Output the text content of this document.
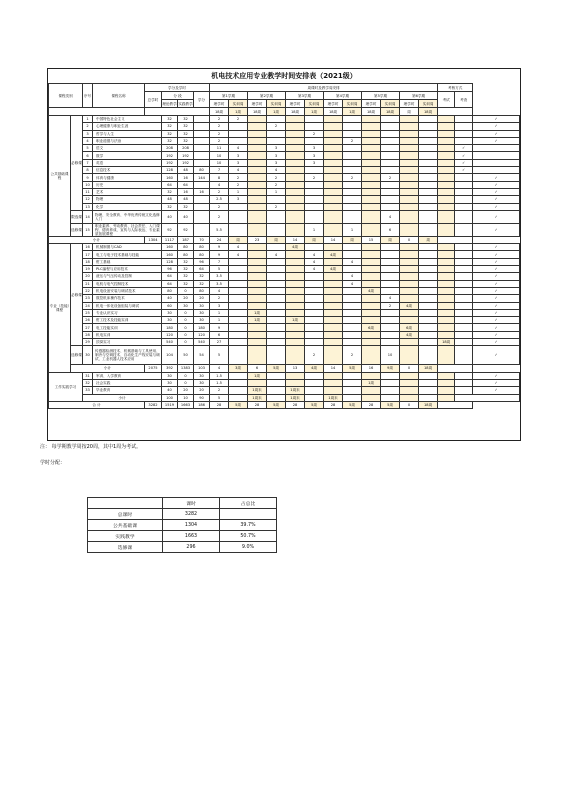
机电技术应用专业教学时间安排表（2021级）
课程类别		序号	课程名称	学分及学时				周课时及教学周安排												考核方式		
				总学时	分 段		学分	第1学期		第2学期		第3学期		第4学期		第5学期		第6学期		考试	考查	
					理论教学	实践教学		理学时	实训周	理学时	实训周	理学时	实训周	理学时	实训周	理学时	实训周	理学时	实训周			
								18周	1周	18周	1周	18周	1周	18周	1周	18周	18周	周	18周			
公共基础课程	必修课	1	中国特色社会主义		32	32		2	2													✓
		2	心理健康与职业生涯		32	32		2			2											✓
		3	哲学与人生		32	32		2					2									✓
		4	职业道德与法治		32	32		2							2							✓
		5	语文		208	208		11	4		3		3								✓	
		6	数学		192	192		10	3		3		3								✓	
		7	英语		192	192		10	3		3		3								✓	
		8	信息技术		128	48	80	7	4		4										✓	
		9	体育与健康		160	16	144	8	2		2		2		2		2					✓
		10	历史		64	64		4	2		2											✓
		11	艺术		32	16	16	2	1		1											✓
		12	物理		48	48		2.5	3													✓
		13	化学		32	32		2			2											✓
	限选课	14	物理、安全教育、中华优秀传统文化选修入门		40	40		2									4					✓
	选修课	15	职业素养、劳动教育、社会责任、入门课程、德育养成、宣传与人际表达、专业素质拓展课程		92	92		5.5					1		1		6					✓
小计				1304	1117	187	70	24	周	23	周	14	周	14	周	15	周	0	周			
专业（技能）课程	必修课	16	机械制图与CAD		160	80	80	9	4			4周										✓
		17	电工与电子技术基础与技能		160	80	80	9	4		4		4	4周								✓
		18	钳工基础		128	32	96	7					4		4							✓
		19	PLC编程与应用技术		96	32	64	5					4	4周								✓
		20	液压与气压传动及控制		64	32	32	3.5							4							✓
		21	电机与电气控制技术		64	32	32	3.5							4							✓
		22	机电设备安装与调试技术		80	0	80	4								4周						✓
		23	数控机床操作技术		40	20	20	2									4					✓
		24	机电一体化设备组装与调试		60	30	30	3									2	4周				✓
		25	专业认识实习		30	0	30	1		1周												✓
		26	钳工技术及技能实训		30	0	30	1		1周		1周										✓
		27	电工技能实训		180	0	180	9								6周		6周				✓
		28	机电实训		120	0	120	6										4周				✓
		29	顶岗实习		540	0	540	27												18周		✓
	选修课	30	传感器检测技术、机械基础与工具使用、制冷与空调技术、自动化生产线安装与调试、工业机器人技术应用		104	50	54	5					2		2		10					✓
	小计			2075	392	1383	103	4	3周	6	5周	13	4周	14	5周	16	9周	0	18周			
工作实践学习		31	军训、入学教育		30	0	30	1.5		1周												✓
		32	社会实践		30	0	30	1.5								1周						✓
		33	毕业教育		40	20	20	2		1周末		1周末										✓
		小计			100	10	90	5		1周末		1周末		1周末								
合 计				3282	1519	1663	186	28	5周	28	5周	28	5周	28	5周	28	5周	0	18周			
注： 每学期教学周按20周，其中1周为考试。
学时分配：
	课时	占总比
总课时	3282	
公共基础课	1304	39.7%
实践教学	1663	50.7%
选修课	296	9.0%
